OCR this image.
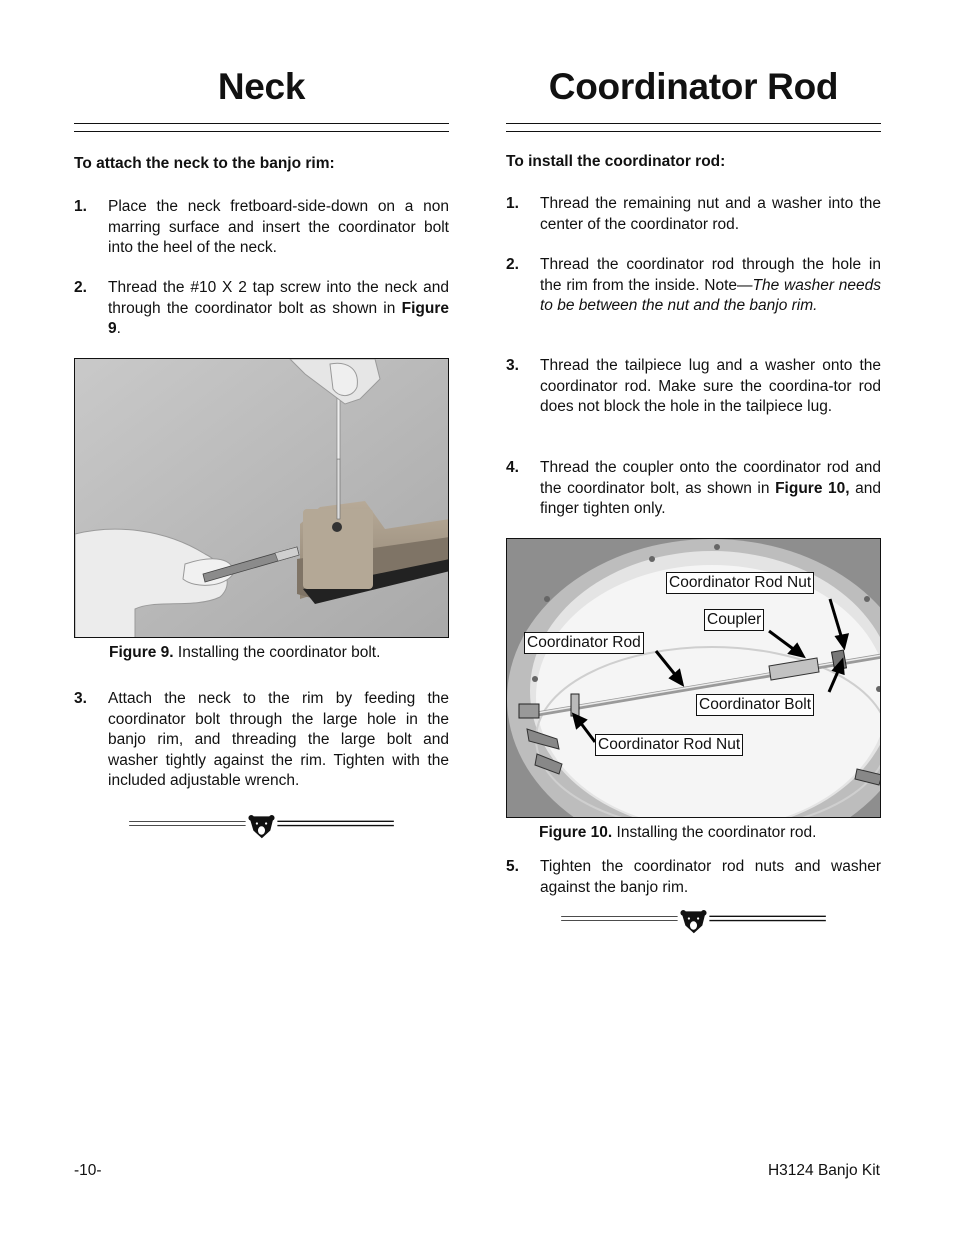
Neck

To attach the neck to the banjo rim:

1. Place the neck fretboard-side-down on a non marring surface and insert the coordinator bolt into the heel of the neck.
2. Thread the #10 X 2 tap screw into the neck and through the coordinator bolt as shown in Figure 9.
Figure 9. Installing the coordinator bolt.
3. Attach the neck to the rim by feeding the coordinator bolt through the large hole in the banjo rim, and threading the large bolt and washer tightly against the rim. Tighten with the included adjustable wrench.
Coordinator Rod

To install the coordinator rod:

1. Thread the remaining nut and a washer into the center of the coordinator rod.
2. Thread the coordinator rod through the hole in the rim from the inside. Note—The washer needs to be between the nut and the banjo rim.
3. Thread the tailpiece lug and a washer onto the coordinator rod. Make sure the coordina-tor rod does not block the hole in the tailpiece lug.
4. Thread the coupler onto the coordinator rod and the coordinator bolt, as shown in Figure 10, and finger tighten only.
Coordinator Rod Nut
Coupler
Coordinator Rod
Coordinator Bolt
Coordinator Rod Nut
Figure 10. Installing the coordinator rod.
5. Tighten the coordinator rod nuts and washer against the banjo rim.
-10-	H3124 Banjo Kit
